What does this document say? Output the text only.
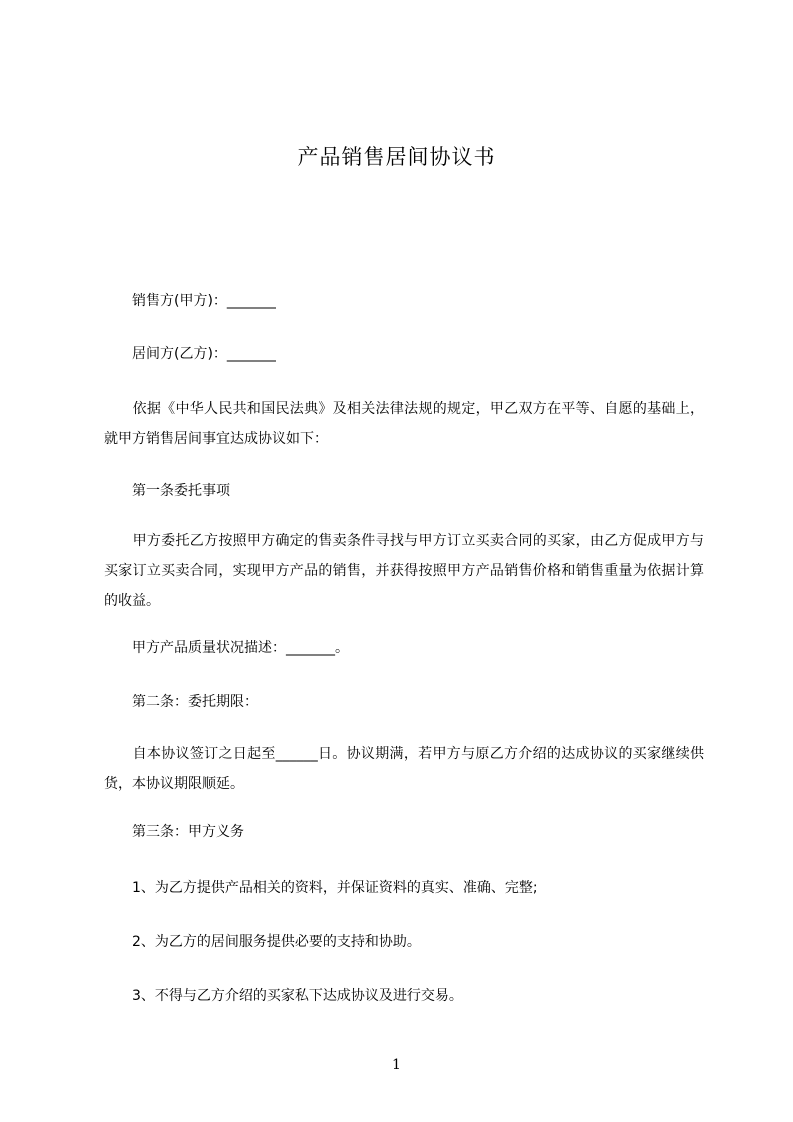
产品销售居间协议书
　　销售方(甲方)：_______
　　居间方(乙方)：_______
　　依据《中华人民共和国民法典》及相关法律法规的规定，甲乙双方在平等、自愿的基础上，就甲方销售居间事宜达成协议如下：
　　第一条委托事项
　　甲方委托乙方按照甲方确定的售卖条件寻找与甲方订立买卖合同的买家，由乙方促成甲方与买家订立买卖合同，实现甲方产品的销售，并获得按照甲方产品销售价格和销售重量为依据计算的收益。
　　甲方产品质量状况描述：_______。
　　第二条：委托期限：
　　自本协议签订之日起至______日。协议期满，若甲方与原乙方介绍的达成协议的买家继续供货，本协议期限顺延。
　　第三条：甲方义务
　　1、为乙方提供产品相关的资料，并保证资料的真实、准确、完整;
　　2、为乙方的居间服务提供必要的支持和协助。
　　3、不得与乙方介绍的买家私下达成协议及进行交易。
1
